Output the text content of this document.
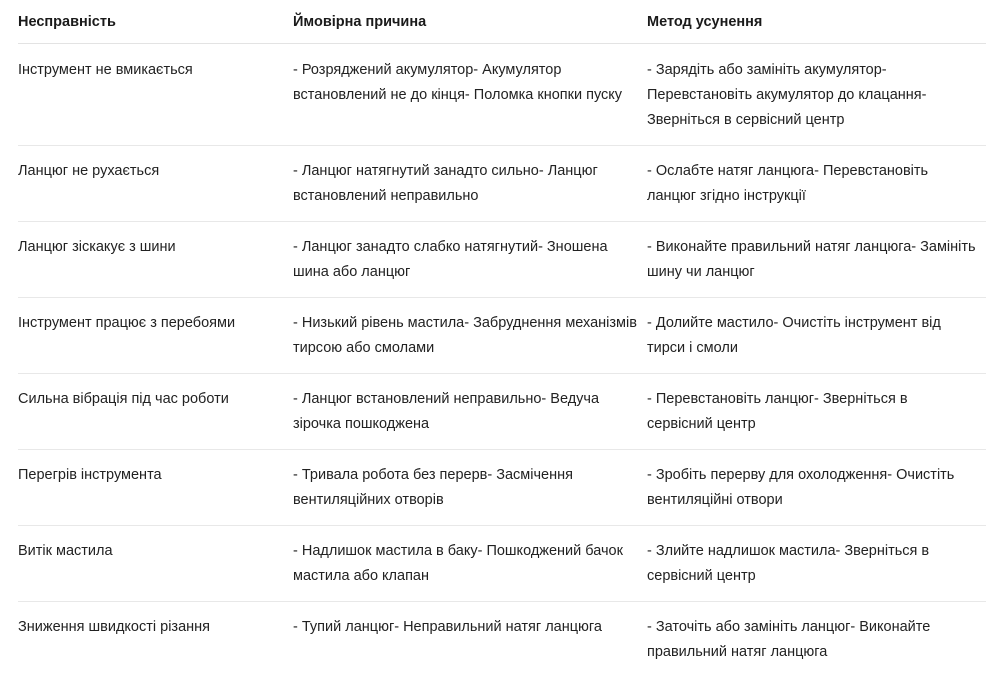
Несправність	Ймовірна причина	Метод усунення
Інструмент не вмикається	- Розряджений акумулятор- Акумулятор встановлений не до кінця- Поломка кнопки пуску	- Зарядіть або замініть акумулятор- Перевстановіть акумулятор до клацання- Зверніться в сервісний центр
Ланцюг не рухається	- Ланцюг натягнутий занадто сильно- Ланцюг встановлений неправильно	- Ослабте натяг ланцюга- Перевстановіть ланцюг згідно інструкції
Ланцюг зіскакує з шини	- Ланцюг занадто слабко натягнутий- Зношена шина або ланцюг	- Виконайте правильний натяг ланцюга- Замініть шину чи ланцюг
Інструмент працює з перебоями	- Низький рівень мастила- Забруднення механізмів тирсою або смолами	- Долийте мастило- Очистіть інструмент від тирси і смоли
Сильна вібрація під час роботи	- Ланцюг встановлений неправильно- Ведуча зірочка пошкоджена	- Перевстановіть ланцюг- Зверніться в сервісний центр
Перегрів інструмента	- Тривала робота без перерв- Засмічення вентиляційних отворів	- Зробіть перерву для охолодження- Очистіть вентиляційні отвори
Витік мастила	- Надлишок мастила в баку- Пошкоджений бачок мастила або клапан	- Злийте надлишок мастила- Зверніться в сервісний центр
Зниження швидкості різання	- Тупий ланцюг- Неправильний натяг ланцюга	- Заточіть або замініть ланцюг- Виконайте правильний натяг ланцюга
